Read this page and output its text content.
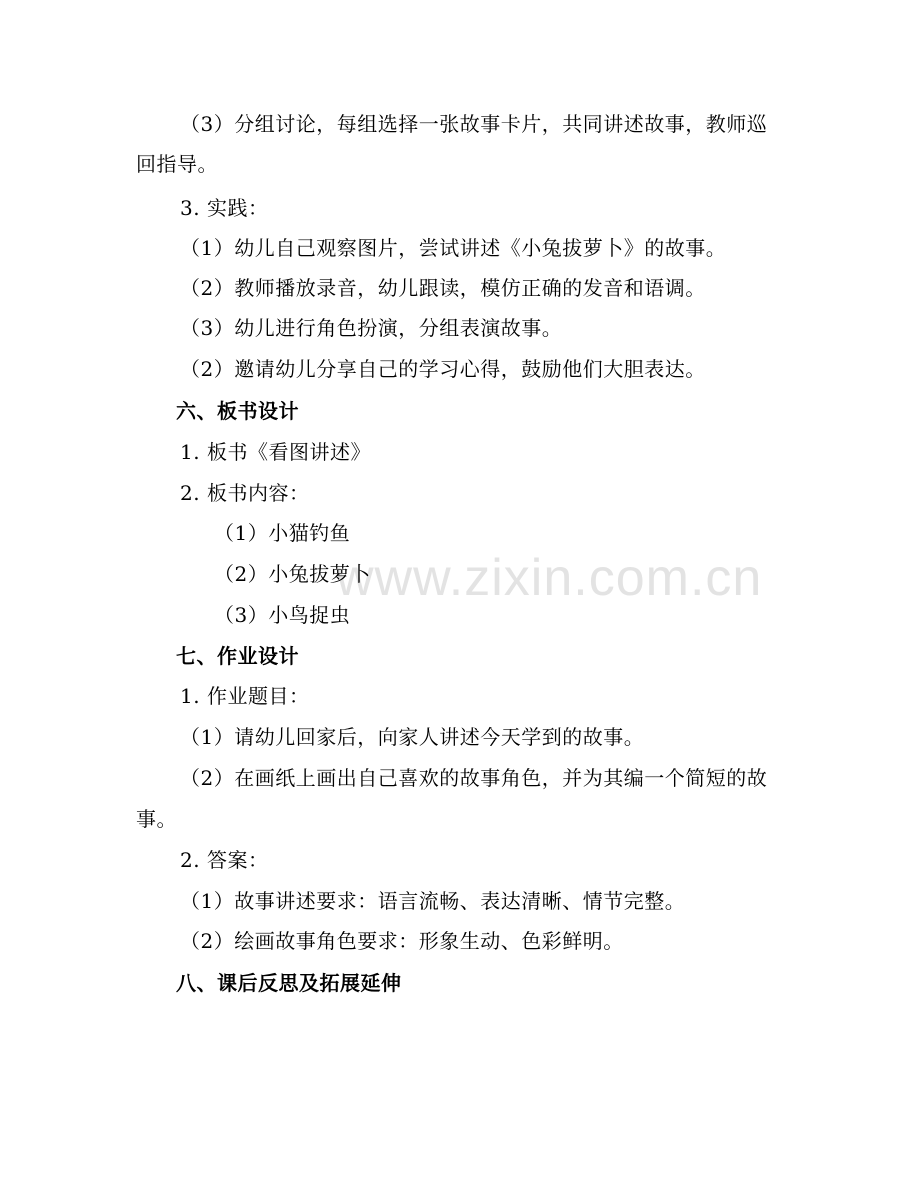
www.zixin.com.cn
（3）分组讨论，每组选择一张故事卡片，共同讲述故事，教师巡
回指导。
3. 实践：
（1）幼儿自己观察图片，尝试讲述《小兔拔萝卜》的故事。
（2）教师播放录音，幼儿跟读，模仿正确的发音和语调。
（3）幼儿进行角色扮演，分组表演故事。
（2）邀请幼儿分享自己的学习心得，鼓励他们大胆表达。
六、板书设计
1. 板书《看图讲述》
2. 板书内容：
（1）小猫钓鱼
（2）小兔拔萝卜
（3）小鸟捉虫
七、作业设计
1. 作业题目：
（1）请幼儿回家后，向家人讲述今天学到的故事。
（2）在画纸上画出自己喜欢的故事角色，并为其编一个简短的故
事。
2. 答案：
（1）故事讲述要求：语言流畅、表达清晰、情节完整。
（2）绘画故事角色要求：形象生动、色彩鲜明。
八、课后反思及拓展延伸
